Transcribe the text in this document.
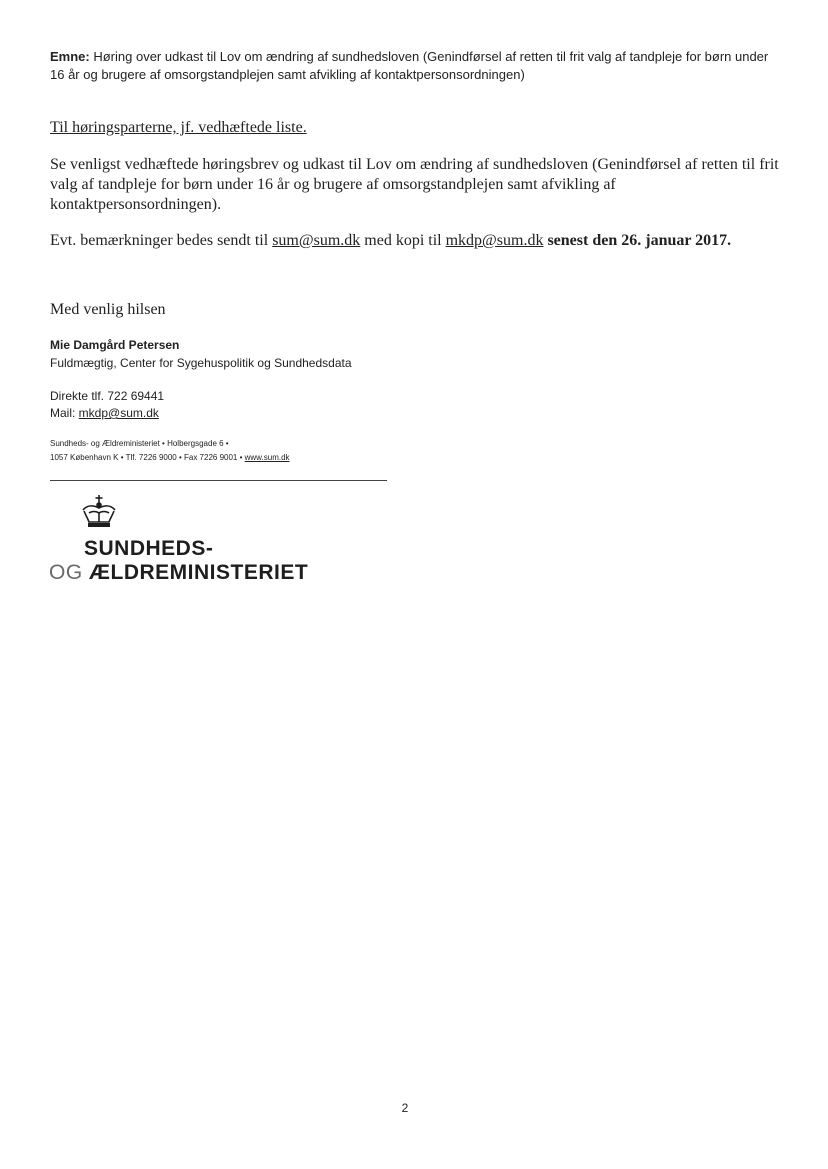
Emne: Høring over udkast til Lov om ændring af sundhedsloven (Genindførsel af retten til frit valg af tandpleje for børn under 16 år og brugere af omsorgstandplejen samt afvikling af kontaktpersonsordningen)
Til høringsparterne, jf. vedhæftede liste.
Se venligst vedhæftede høringsbrev og udkast til Lov om ændring af sundhedsloven (Genindførsel af retten til frit valg af tandpleje for børn under 16 år og brugere af omsorgstandplejen samt afvikling af kontaktpersonsordningen).
Evt. bemærkninger bedes sendt til sum@sum.dk med kopi til mkdp@sum.dk senest den 26. januar 2017.
Med venlig hilsen
Mie Damgård Petersen
Fuldmægtig, Center for Sygehuspolitik og Sundhedsdata
Direkte tlf. 722 69441
Mail: mkdp@sum.dk
Sundheds- og Ældreministeriet • Holbergsgade 6 •
1057 København K • Tlf. 7226 9000 • Fax 7226 9001 • www.sum.dk
SUNDHEDS-
OG ÆLDREMINISTERIET
2
